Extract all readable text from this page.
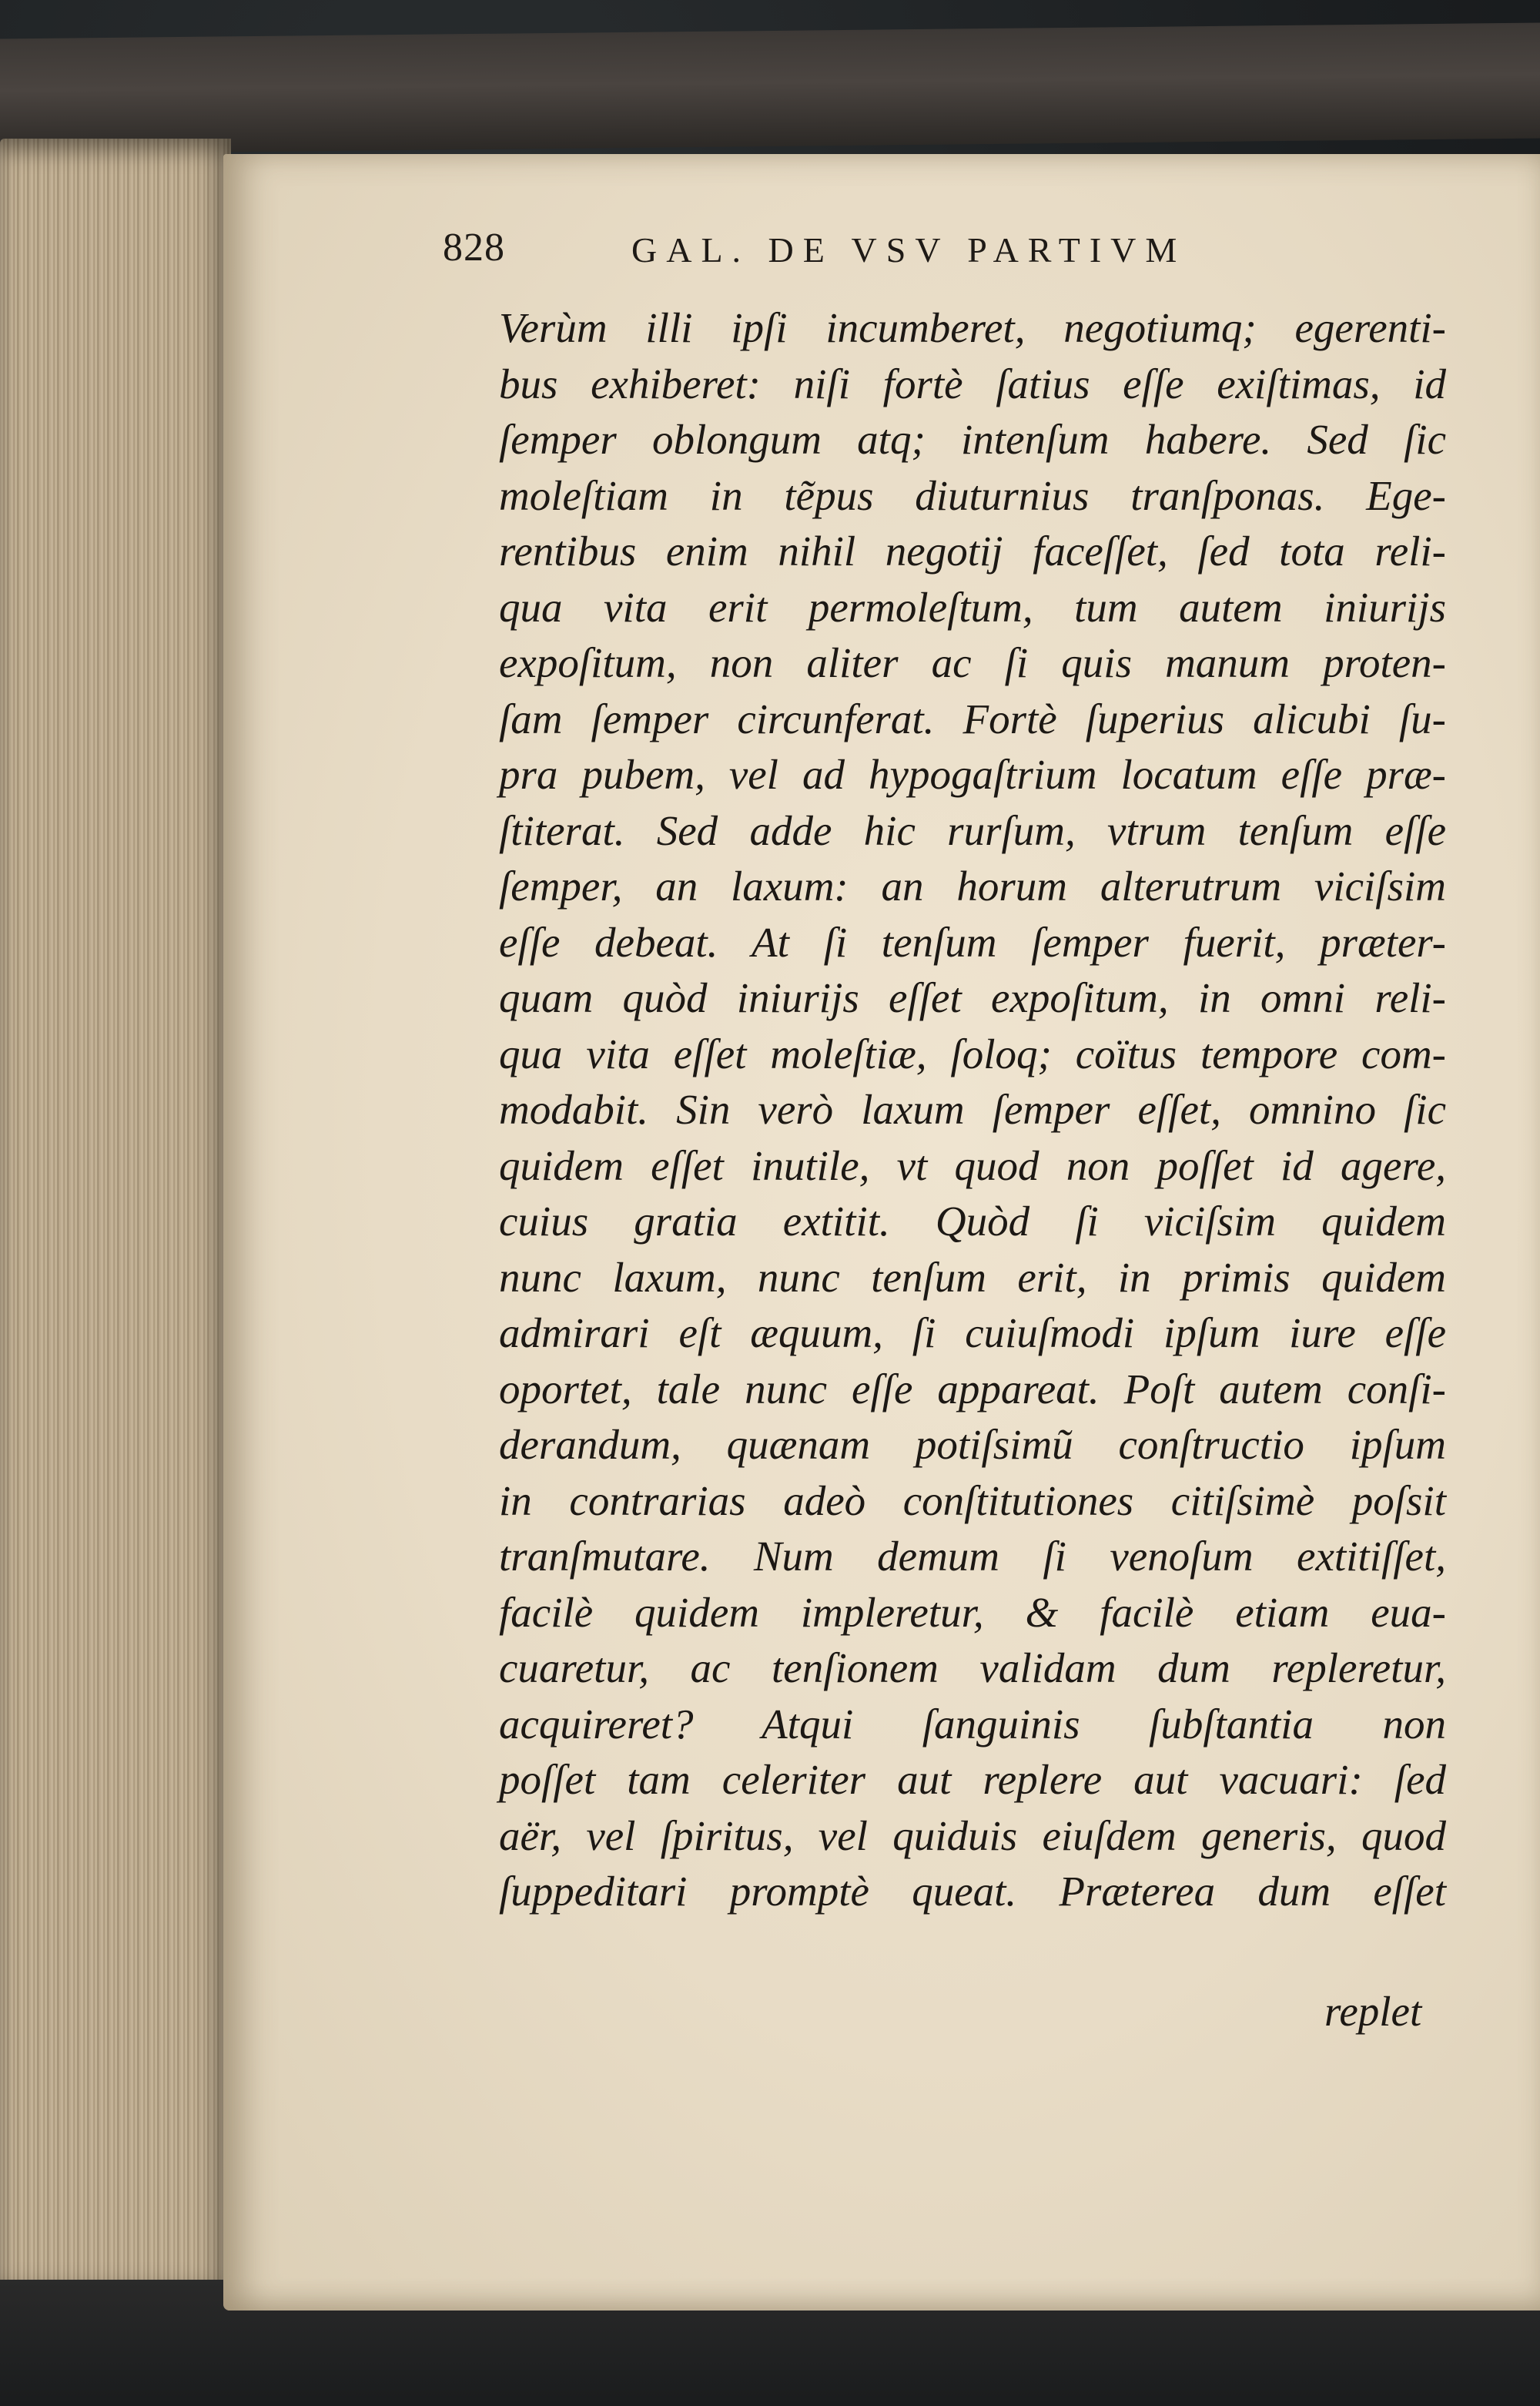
828	GAL. DE VSV PARTIVM
Verùm illi ipſi incumberet, negotiumq; egerenti-
bus exhiberet: niſi fortè ſatius eſſe exiſtimas, id
ſemper oblongum atq; intenſum habere. Sed ſic
moleſtiam in tẽpus diuturnius tranſponas. Ege-
rentibus enim nihil negotij faceſſet, ſed tota reli-
qua vita erit permoleſtum, tum autem iniurijs
expoſitum, non aliter ac ſi quis manum proten-
ſam ſemper circunferat. Fortè ſuperius alicubi ſu-
pra pubem, vel ad hypogaſtrium locatum eſſe præ-
ſtiterat. Sed adde hic rurſum, vtrum tenſum eſſe
ſemper, an laxum: an horum alterutrum viciſsim
eſſe debeat. At ſi tenſum ſemper fuerit, præter-
quam quòd iniurijs eſſet expoſitum, in omni reli-
qua vita eſſet moleſtiæ, ſoloq; coïtus tempore com-
modabit. Sin verò laxum ſemper eſſet, omnino ſic
quidem eſſet inutile, vt quod non poſſet id agere,
cuius gratia extitit. Quòd ſi viciſsim quidem
nunc laxum, nunc tenſum erit, in primis quidem
admirari eſt æquum, ſi cuiuſmodi ipſum iure eſſe
oportet, tale nunc eſſe appareat. Poſt autem conſi-
derandum, quænam potiſsimũ conſtructio ipſum
in contrarias adeò conſtitutiones citiſsimè poſsit
tranſmutare. Num demum ſi venoſum extitiſſet,
facilè quidem impleretur, & facilè etiam eua-
cuaretur, ac tenſionem validam dum repleretur,
acquireret? Atqui ſanguinis ſubſtantia non
poſſet tam celeriter aut replere aut vacuari: ſed
aër, vel ſpiritus, vel quiduis eiuſdem generis, quod
ſuppeditari promptè queat. Præterea dum eſſet
replet
